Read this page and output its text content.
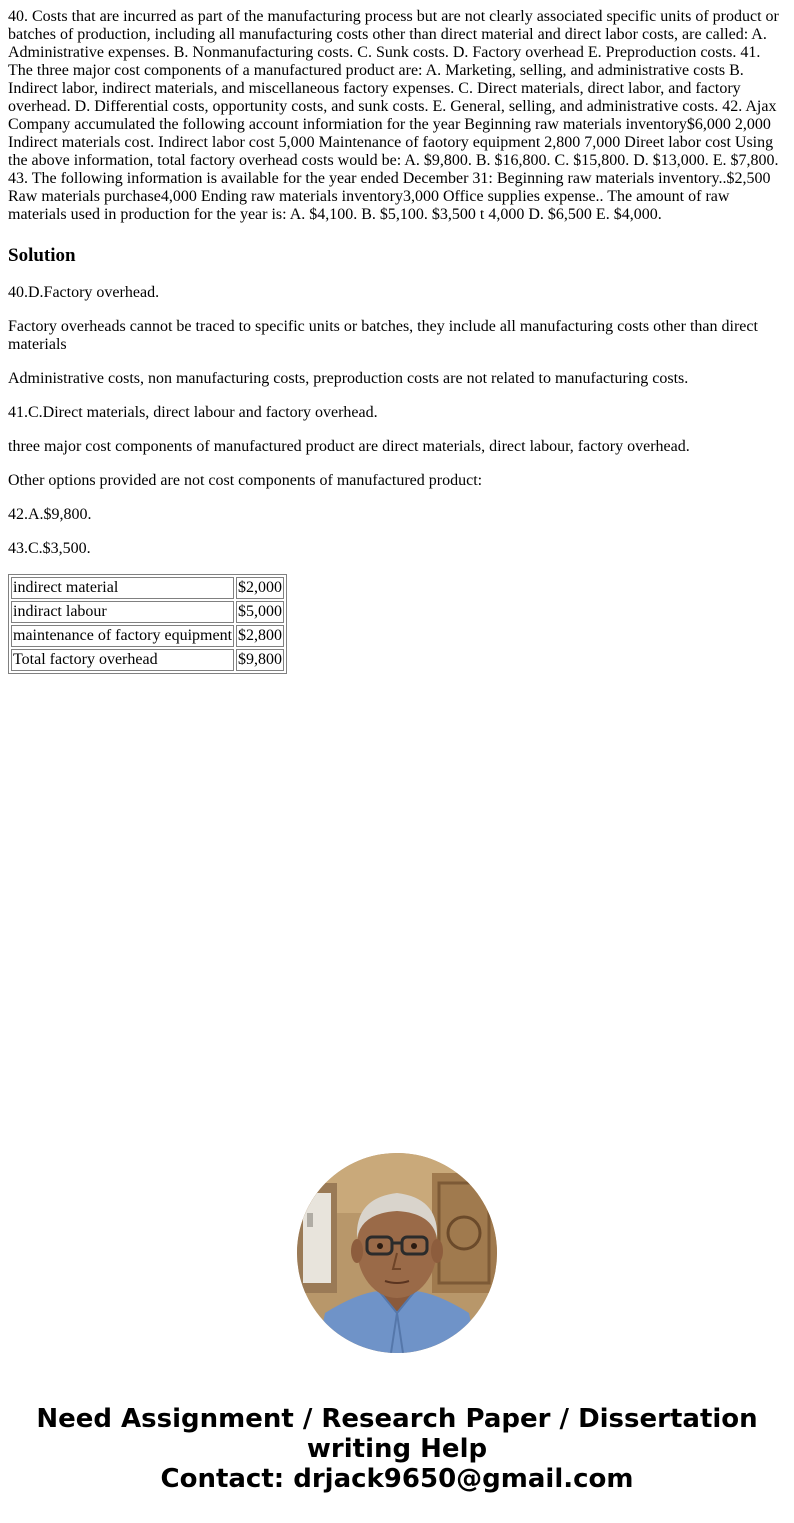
40. Costs that are incurred as part of the manufacturing process but are not clearly associated specific units of product or batches of production, including all manufacturing costs other than direct material and direct labor costs, are called: A. Administrative expenses. B. Nonmanufacturing costs. C. Sunk costs. D. Factory overhead E. Preproduction costs. 41. The three major cost components of a manufactured product are: A. Marketing, selling, and administrative costs B. Indirect labor, indirect materials, and miscellaneous factory expenses. C. Direct materials, direct labor, and factory overhead. D. Differential costs, opportunity costs, and sunk costs. E. General, selling, and administrative costs. 42. Ajax Company accumulated the following account informiation for the year Beginning raw materials inventory$6,000 2,000 Indirect materials cost. Indirect labor cost 5,000 Maintenance of faotory equipment 2,800 7,000 Direet labor cost Using the above information, total factory overhead costs would be: A. $9,800. B. $16,800. C. $15,800. D. $13,000. E. $7,800. 43. The following information is available for the year ended December 31: Beginning raw materials inventory..$2,500 Raw materials purchase4,000 Ending raw materials inventory3,000 Office supplies expense.. The amount of raw materials used in production for the year is: A. $4,100. B. $5,100. $3,500 t 4,000 D. $6,500 E. $4,000.

Solution

40.D.Factory overhead.

Factory overheads cannot be traced to specific units or batches, they include all manufacturing costs other than direct materials

Administrative costs, non manufacturing costs, preproduction costs are not related to manufacturing costs.

41.C.Direct materials, direct labour and factory overhead.

three major cost components of manufactured product are direct materials, direct labour, factory overhead.

Other options provided are not cost components of manufactured product:

42.A.$9,800.

43.C.$3,500.

indirect material	$2,000
indiract labour	$5,000
maintenance of factory equipment	$2,800
Total factory overhead	$9,800
Need Assignment / Research Paper / Dissertation
writing Help
Contact: drjack9650@gmail.com
